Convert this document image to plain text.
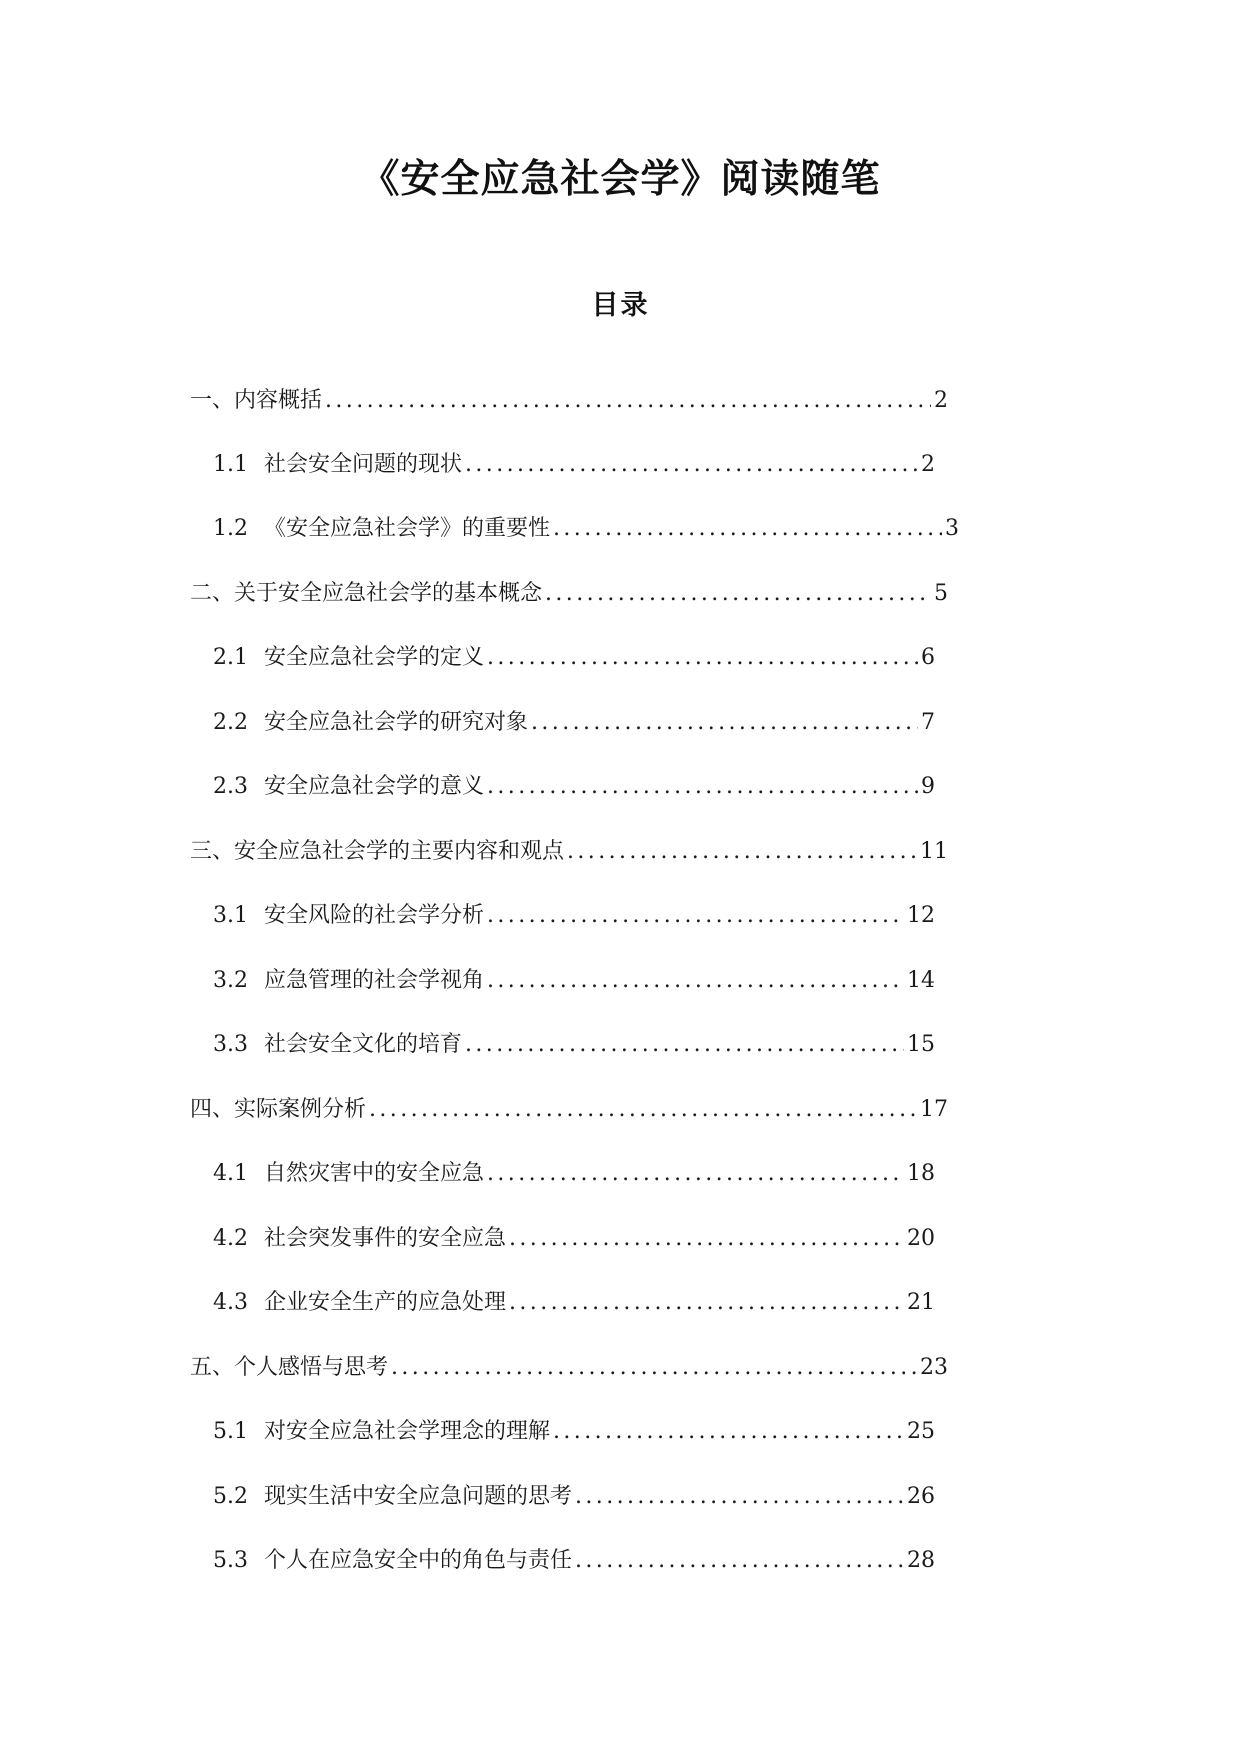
《安全应急社会学》阅读随笔
目录
一、内容概括 .....	2
1.1 社会安全问题的现状 .....	2
1.2 《安全应急社会学》的重要性 .....	3
二、关于安全应急社会学的基本概念 .....	5
2.1 安全应急社会学的定义 .....	6
2.2 安全应急社会学的研究对象 .....	7
2.3 安全应急社会学的意义 .....	9
三、安全应急社会学的主要内容和观点 .....	11
3.1 安全风险的社会学分析 .....	12
3.2 应急管理的社会学视角 .....	14
3.3 社会安全文化的培育 .....	15
四、实际案例分析 .....	17
4.1 自然灾害中的安全应急 .....	18
4.2 社会突发事件的安全应急 .....	20
4.3 企业安全生产的应急处理 .....	21
五、个人感悟与思考 .....	23
5.1 对安全应急社会学理念的理解 .....	25
5.2 现实生活中安全应急问题的思考 .....	26
5.3 个人在应急安全中的角色与责任 .....	28
